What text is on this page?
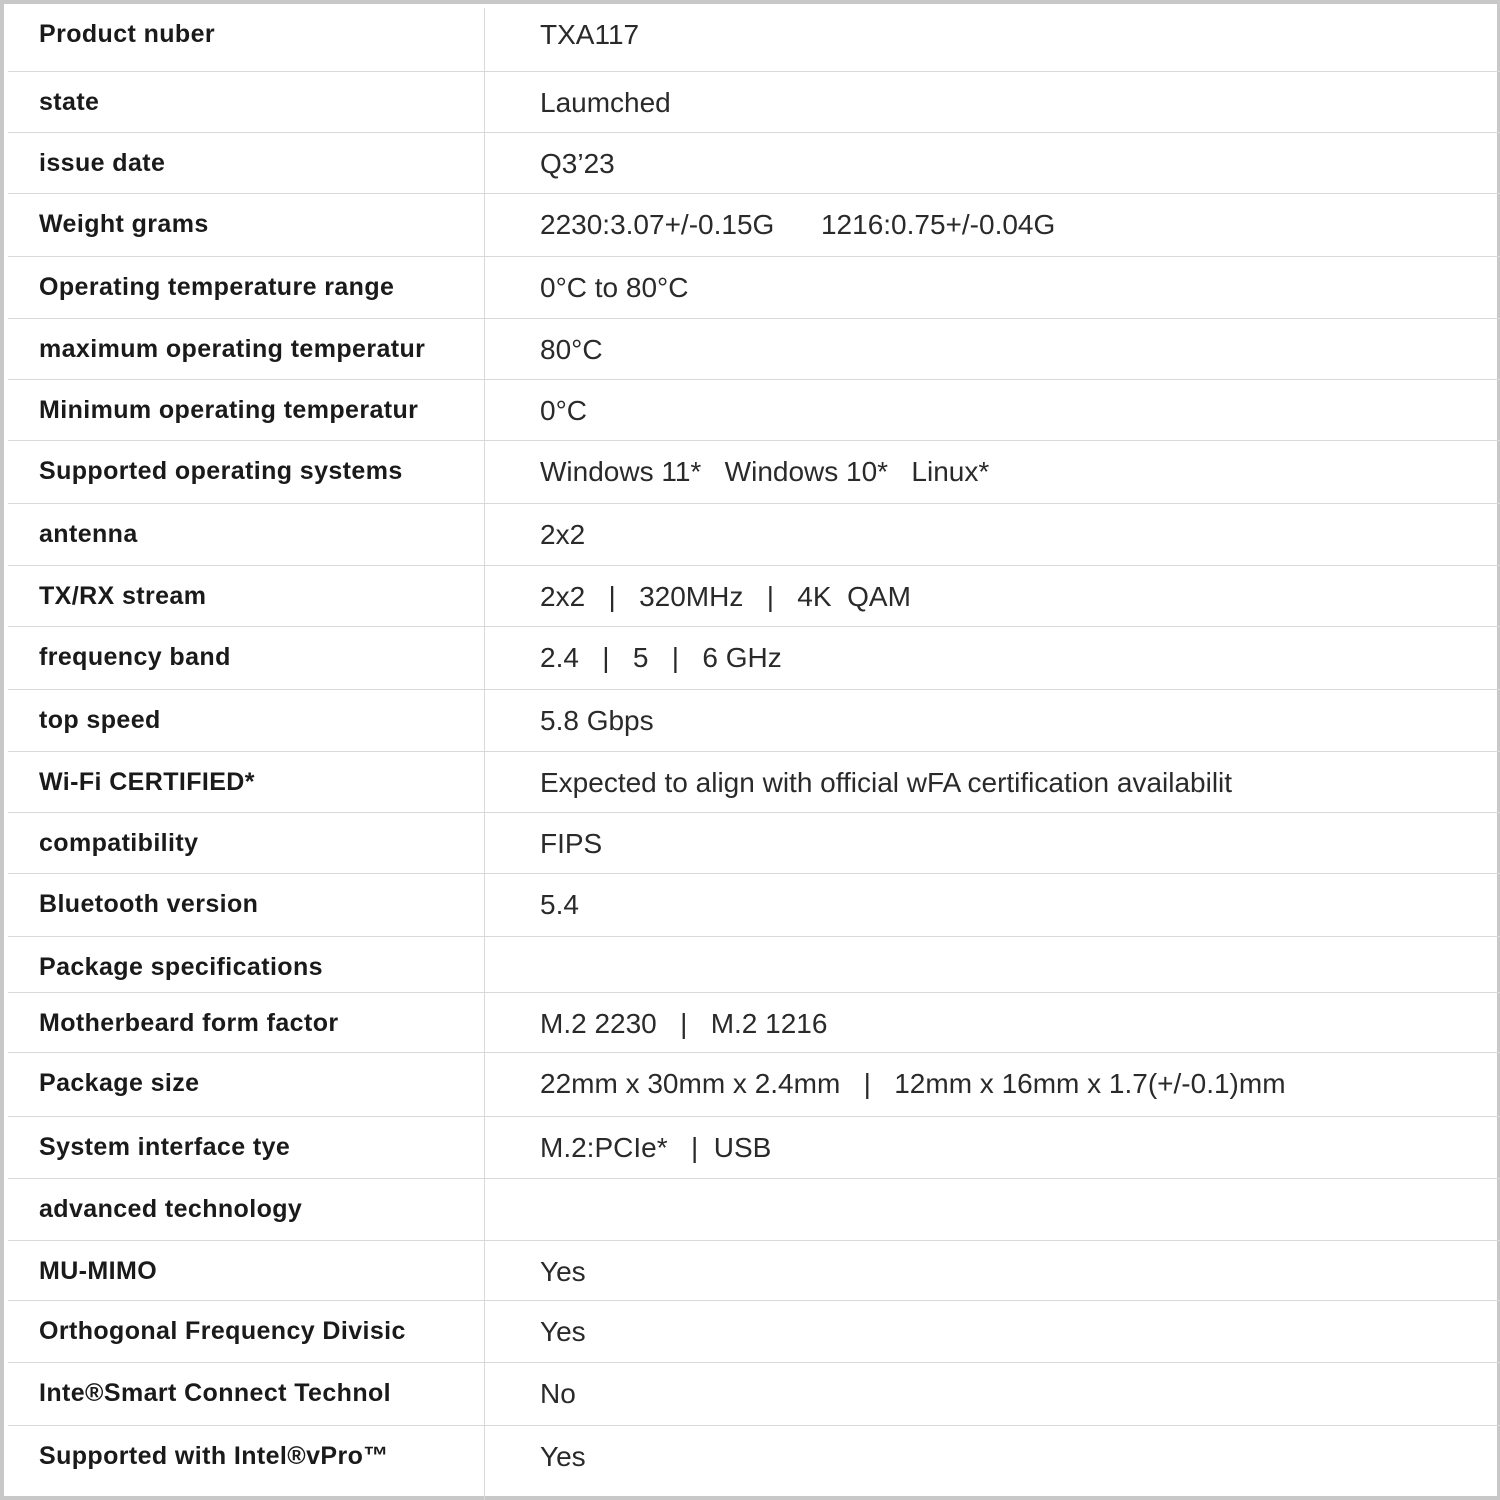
Product nuber	TXA117
state	Laumched
issue date	Q3’23
Weight grams	2230:3.07+/-0.15G      1216:0.75+/-0.04G
Operating temperature range	0°C to 80°C
maximum operating temperatur	80°C
Minimum operating temperatur	0°C
Supported operating systems	Windows 11*   Windows 10*   Linux*
antenna	2x2
TX/RX stream	2x2   |   320MHz   |   4K  QAM
frequency band	2.4   |   5   |   6 GHz
top speed	5.8 Gbps
Wi-Fi CERTIFIED*	Expected to align with official wFA certification availabilit
compatibility	FIPS
Bluetooth version	5.4
Package specifications
Motherbeard form factor	M.2 2230   |   M.2 1216
Package size	22mm x 30mm x 2.4mm   |   12mm x 16mm x 1.7(+/-0.1)mm
System interface tye	M.2:PCIe*   |  USB
advanced technology
MU-MIMO	Yes
Orthogonal Frequency Divisic	Yes
Inte®Smart Connect Technol	No
Supported with Intel®vPro™	Yes
